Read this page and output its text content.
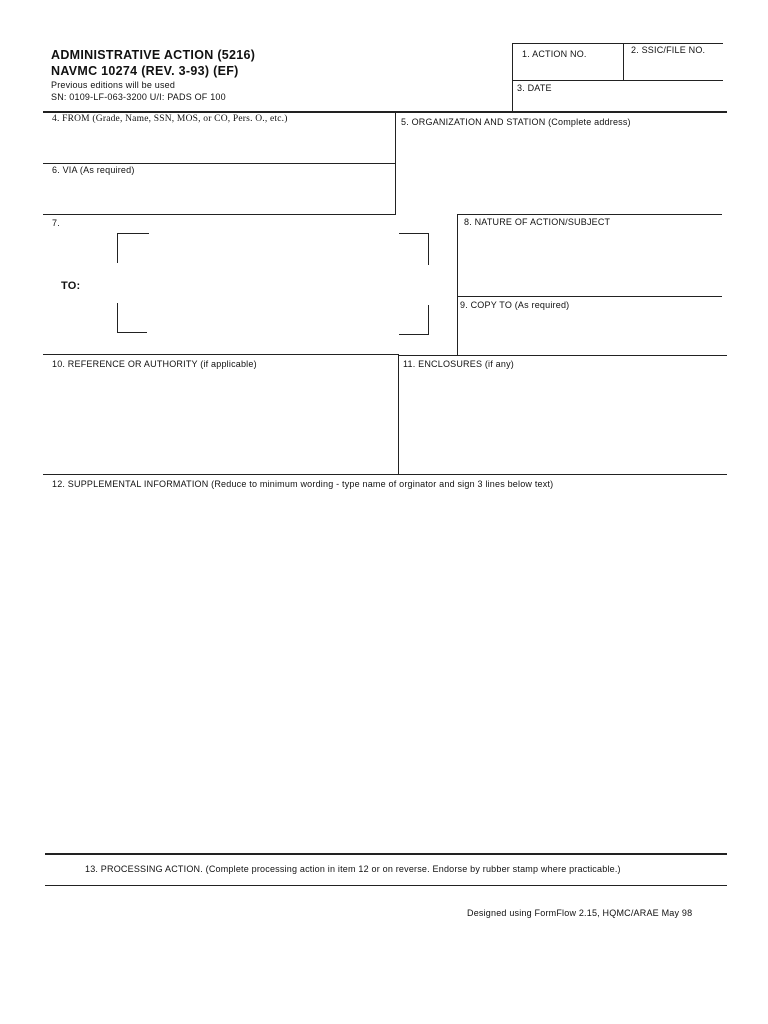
ADMINISTRATIVE ACTION (5216)
NAVMC 10274 (REV. 3-93) (EF)
Previous editions will be used
SN: 0109-LF-063-3200 U/I: PADS OF 100
1. ACTION NO.	2. SSIC/FILE NO.
3. DATE
4. FROM (Grade, Name, SSN, MOS, or CO, Pers. O., etc.)	5. ORGANIZATION AND STATION (Complete address)
6. VIA (As required)
7.
TO:
8. NATURE OF ACTION/SUBJECT
9. COPY TO (As required)
10. REFERENCE OR AUTHORITY (if applicable)	11. ENCLOSURES (if any)
12. SUPPLEMENTAL INFORMATION (Reduce to minimum wording - type name of orginator and sign 3 lines below text)
13. PROCESSING ACTION. (Complete processing action in item 12 or on reverse. Endorse by rubber stamp where practicable.)
Designed using FormFlow 2.15, HQMC/ARAE May 98
